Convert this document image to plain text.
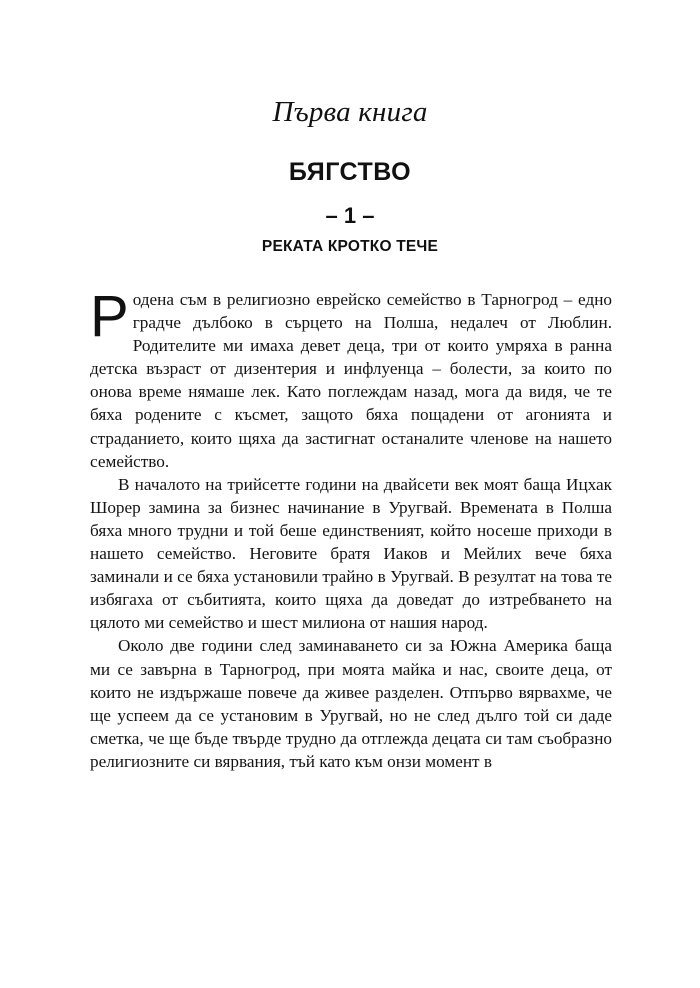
Първа книга
БЯГСТВО
– 1 –
РЕКАТА КРОТКО ТЕЧЕ

Родена съм в религиозно еврейско семейство в Тарногрод – едно градче дълбоко в сърцето на Полша, недалеч от Люблин. Родителите ми имаха девет деца, три от които умряха в ранна детска възраст от дизентерия и инфлуенца – болести, за които по онова време нямаше лек. Като поглеждам назад, мога да видя, че те бяха родените с късмет, защото бяха пощадени от агонията и страданието, които щяха да застигнат останалите членове на нашето семейство.

В началото на трийсетте години на двайсети век моят баща Ицхак Шорер замина за бизнес начинание в Уругвай. Времената в Полша бяха много трудни и той беше единственият, който носеше приходи в нашето семейство. Неговите братя Иаков и Мейлих вече бяха заминали и се бяха установили трайно в Уругвай. В резултат на това те избягаха от събитията, които щяха да доведат до изтребването на цялото ми семейство и шест милиона от нашия народ.

Около две години след заминаването си за Южна Америка баща ми се завърна в Тарногрод, при моята майка и нас, своите деца, от които не издържаше повече да живее разделен. Отпърво вярвахме, че ще успеем да се установим в Уругвай, но не след дълго той си даде сметка, че ще бъде твърде трудно да отглежда децата си там съобразно религиозните си вярвания, тъй като към онзи момент в
